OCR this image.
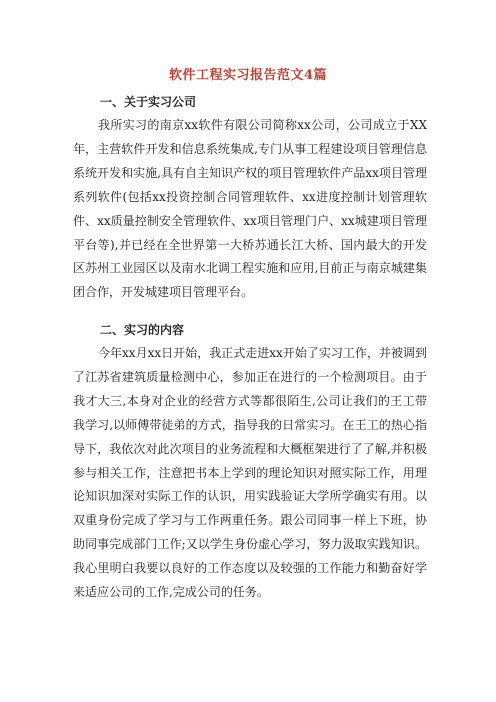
软件工程实习报告范文4篇
一、关于实习公司

我所实习的南京xx软件有限公司简称xx公司，公司成立于XX年，主营软件开发和信息系统集成,专门从事工程建设项目管理信息系统开发和实施,具有自主知识产权的项目管理软件产品xx项目管理系列软件(包括xx投资控制合同管理软件、xx进度控制计划管理软件、xx质量控制安全管理软件、xx项目管理门户、xx城建项目管理平台等),并已经在全世界第一大桥苏通长江大桥、国内最大的开发区苏州工业园区以及南水北调工程实施和应用,目前正与南京城建集团合作，开发城建项目管理平台。

二、实习的内容

今年xx月xx日开始，我正式走进xx开始了实习工作，并被调到了江苏省建筑质量检测中心，参加正在进行的一个检测项目。由于我才大三,本身对企业的经营方式等都很陌生,公司让我们的王工带我学习,以师傅带徒弟的方式，指导我的日常实习。在王工的热心指导下，我依次对此次项目的业务流程和大概框架进行了了解,并积极参与相关工作，注意把书本上学到的理论知识对照实际工作，用理论知识加深对实际工作的认识，用实践验证大学所学确实有用。以双重身份完成了学习与工作两重任务。跟公司同事一样上下班，协助同事完成部门工作;又以学生身份虚心学习，努力汲取实践知识。我心里明白我要以良好的工作态度以及较强的工作能力和勤奋好学来适应公司的工作,完成公司的任务。
